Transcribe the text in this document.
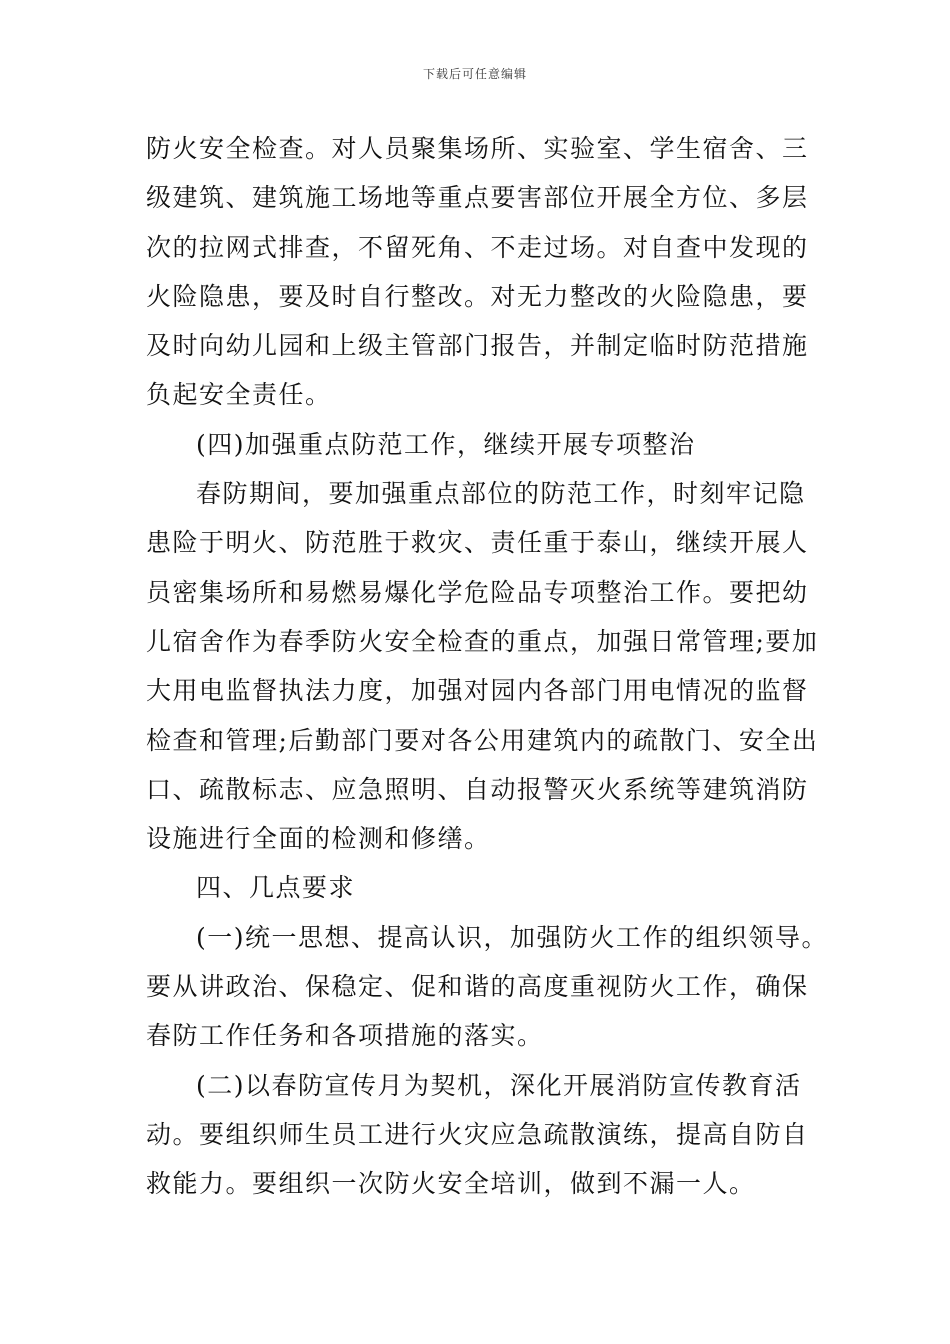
下载后可任意编辑
防火安全检查。对人员聚集场所、实验室、学生宿舍、三
级建筑、建筑施工场地等重点要害部位开展全方位、多层
次的拉网式排查，不留死角、不走过场。对自查中发现的
火险隐患，要及时自行整改。对无力整改的火险隐患，要
及时向幼儿园和上级主管部门报告，并制定临时防范措施
负起安全责任。
(四)加强重点防范工作，继续开展专项整治
春防期间，要加强重点部位的防范工作，时刻牢记隐
患险于明火、防范胜于救灾、责任重于泰山，继续开展人
员密集场所和易燃易爆化学危险品专项整治工作。要把幼
儿宿舍作为春季防火安全检查的重点，加强日常管理;要加
大用电监督执法力度，加强对园内各部门用电情况的监督
检查和管理;后勤部门要对各公用建筑内的疏散门、安全出
口、疏散标志、应急照明、自动报警灭火系统等建筑消防
设施进行全面的检测和修缮。
四、几点要求
(一)统一思想、提高认识，加强防火工作的组织领导。
要从讲政治、保稳定、促和谐的高度重视防火工作，确保
春防工作任务和各项措施的落实。
(二)以春防宣传月为契机，深化开展消防宣传教育活
动。要组织师生员工进行火灾应急疏散演练，提高自防自
救能力。要组织一次防火安全培训，做到不漏一人。
